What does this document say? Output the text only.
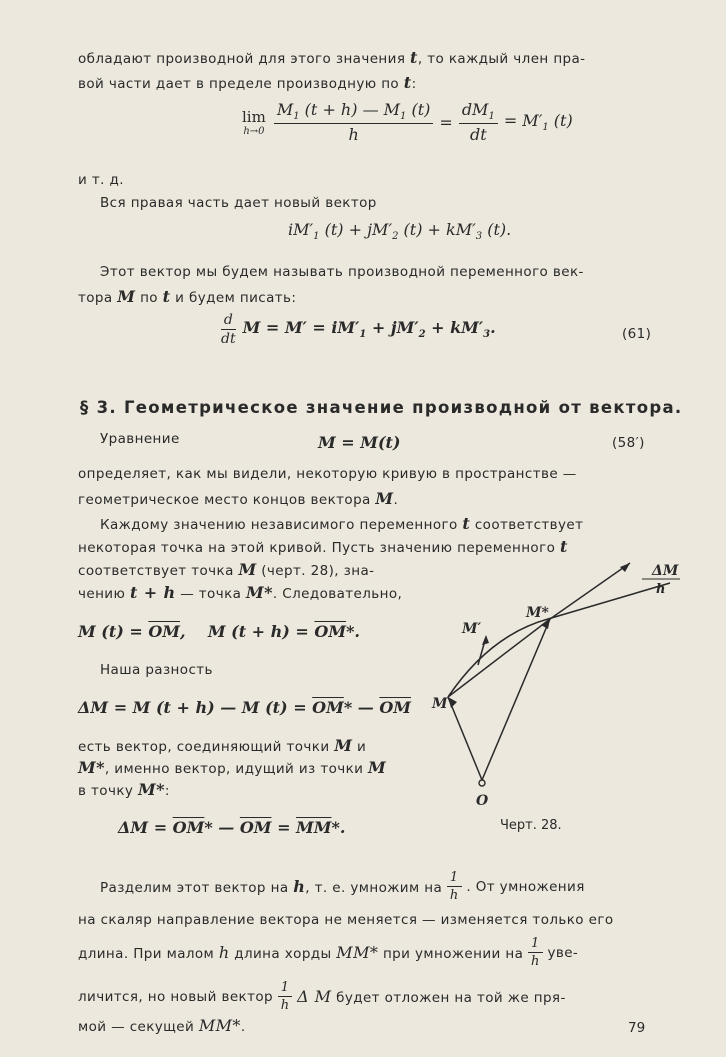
обладают производной для этого значения t, то каждый член пра-
вой части дает в пределе производную по t:
lim
$h\to 0 \frac{M_1 (t + h) — M_1 (t)}{h} = \frac{dM_1}{dt} = M'_1$ (t)
и т. д.
Вся правая часть дает новый вектор
$iM'_1$ $(t) + jM'_2$ $(t) + kM'_3$ (t).
Этот вектор мы будем называть производной переменного век-
тора M по t и будем писать:
$\frac{d}{dt}$ $M = M' = iM'_1 + jM'_2 + kM'_3$.	(61)
§ 3. Геометрическое значение производной от вектора.
Уравнение	M = M(t)	(58′)
определяет, как мы видели, некоторую кривую в пространстве —
геометрическое место концов вектора M.
Каждому значению независимого переменного t соответствует
некоторая точка на этой кривой. Пусть значению переменного t
соответствует точка M (черт. 28), зна-
чению t + h — точка M*. Следовательно,
M $(t) = \overline{OM}$,    M $(t + h) = \overline{OM}*$.
Наша разность
ΔM = M (t + h) — M $(t) = \overline{OM}*$ — $\overline{OM}$
есть вектор, соединяющий точки M и
M*, именно вектор, идущий из точки M
в точку M*:
$\Delta M = \overline{OM}*$ — $\overline{OM} = \overline{MM}*$.
M
M′
M*
O
ΔM
h
Черт. 28.
Разделим этот вектор на h, т. е. умножим на $\frac{1}{h}$ . От умножения
на скаляр направление вектора не меняется — изменяется только его
длина. При малом h длина хорды MM* при умножении на $\frac{1}{h} уве-$
личится, но новый вектор $\frac{1}{h}$ Δ M будет отложен на той же пря-
мой — секущей MM*.	79
